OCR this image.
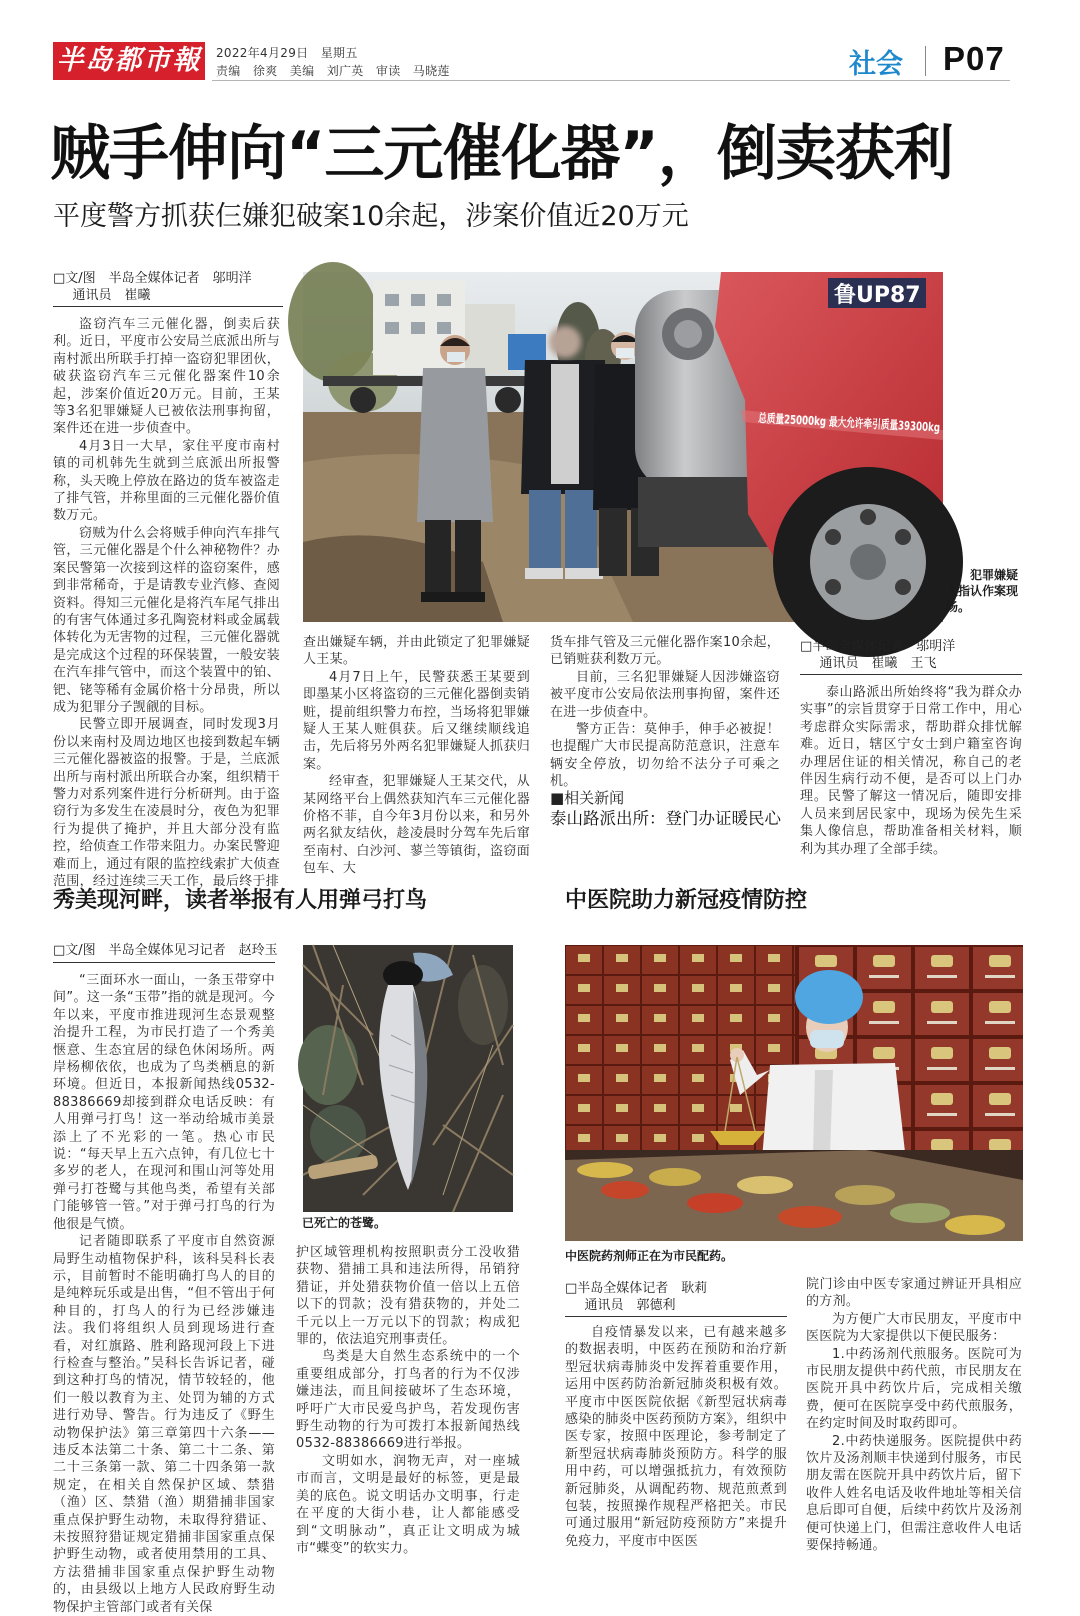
半岛都市報 2022年4月29日　星期五
责编　徐爽　美编　刘广英　审读　马晓莲	社会 P07
贼手伸向“三元催化器”，倒卖获利
平度警方抓获仨嫌犯破案10余起，涉案价值近20万元
□文/图　半岛全媒体记者　邬明洋
通讯员　崔曦

盗窃汽车三元催化器，倒卖后获利。近日，平度市公安局兰底派出所与南村派出所联手打掉一盗窃犯罪团伙，破获盗窃汽车三元催化器案件10余起，涉案价值近20万元。目前，王某等3名犯罪嫌疑人已被依法刑事拘留，案件还在进一步侦查中。

4月3日一大早，家住平度市南村镇的司机韩先生就到兰底派出所报警称，头天晚上停放在路边的货车被盗走了排气管，并称里面的三元催化器价值数万元。

窃贼为什么会将贼手伸向汽车排气管，三元催化器是个什么神秘物件？办案民警第一次接到这样的盗窃案件，感到非常稀奇，于是请教专业汽修、查阅资料。得知三元催化是将汽车尾气排出的有害气体通过多孔陶瓷材料或金属载体转化为无害物的过程，三元催化器就是完成这个过程的环保装置，一般安装在汽车排气管中，而这个装置中的铂、钯、铑等稀有金属价格十分昂贵，所以成为犯罪分子觊觎的目标。

民警立即开展调查，同时发现3月份以来南村及周边地区也接到数起车辆三元催化器被盗的报警。于是，兰底派出所与南村派出所联合办案，组织精干警力对系列案件进行分析研判。由于盗窃行为多发生在凌晨时分，夜色为犯罪行为提供了掩护，并且大部分没有监控，给侦查工作带来阻力。办案民警迎难而上，通过有限的监控线索扩大侦查范围，经过连续三天工作，最后终于排

鲁UP87
总质量25000kg 最大允许牵引质量39300kg
犯罪嫌疑人指认作案现场。

查出嫌疑车辆，并由此锁定了犯罪嫌疑人王某。

4月7日上午，民警获悉王某要到即墨某小区将盗窃的三元催化器倒卖销赃，提前组织警力布控，当场将犯罪嫌疑人王某人赃俱获。后又继续顺线追击，先后将另外两名犯罪嫌疑人抓获归案。

经审查，犯罪嫌疑人王某交代，从某网络平台上偶然获知汽车三元催化器价格不菲，自今年3月份以来，和另外两名狱友结伙，趁凌晨时分驾车先后窜至南村、白沙河、蓼兰等镇街，盗窃面包车、大

货车排气管及三元催化器作案10余起，已销赃获利数万元。

目前，三名犯罪嫌疑人因涉嫌盗窃被平度市公安局依法刑事拘留，案件还在进一步侦查中。

警方正告：莫伸手，伸手必被捉！也提醒广大市民提高防范意识，注意车辆安全停放，切勿给不法分子可乘之机。

■相关新闻
泰山路派出所：登门办证暖民心
□半岛全媒体记者　邬明洋
通讯员　崔曦　王飞

泰山路派出所始终将“我为群众办实事”的宗旨贯穿于日常工作中，用心考虑群众实际需求，帮助群众排忧解难。近日，辖区宁女士到户籍室咨询办理居住证的相关情况，称自己的老伴因生病行动不便，是否可以上门办理。民警了解这一情况后，随即安排人员来到居民家中，现场为侯先生采集人像信息，帮助准备相关材料，顺利为其办理了全部手续。

秀美现河畔，读者举报有人用弹弓打鸟
□文/图　半岛全媒体见习记者　赵玲玉

“三面环水一面山，一条玉带穿中间”。这一条“玉带”指的就是现河。今年以来，平度市推进现河生态景观整治提升工程，为市民打造了一个秀美惬意、生态宜居的绿色休闲场所。两岸杨柳依依，也成为了鸟类栖息的新环境。但近日，本报新闻热线0532-88386669却接到群众电话反映：有人用弹弓打鸟！这一举动给城市美景添上了不光彩的一笔。热心市民说：“每天早上五六点钟，有几位七十多岁的老人，在现河和围山河等处用弹弓打苍鹭与其他鸟类，希望有关部门能够管一管。”对于弹弓打鸟的行为他很是气愤。

记者随即联系了平度市自然资源局野生动植物保护科，该科吴科长表示，目前暂时不能明确打鸟人的目的是纯粹玩乐或是出售，“但不管出于何种目的，打鸟人的行为已经涉嫌违法。我们将组织人员到现场进行查看，对红旗路、胜利路现河段上下进行检查与整治。”吴科长告诉记者，碰到这种打鸟的情况，情节较轻的，他们一般以教育为主、处罚为辅的方式进行劝导、警告。行为违反了《野生动物保护法》第三章第四十六条——违反本法第二十条、第二十二条、第二十三条第一款、第二十四条第一款规定，在相关自然保护区域、禁猎（渔）区、禁猎（渔）期猎捕非国家重点保护野生动物，未取得狩猎证、未按照狩猎证规定猎捕非国家重点保护野生动物，或者使用禁用的工具、方法猎捕非国家重点保护野生动物的，由县级以上地方人民政府野生动物保护主管部门或者有关保

已死亡的苍鹭。

护区域管理机构按照职责分工没收猎获物、猎捕工具和违法所得，吊销狩猎证，并处猎获物价值一倍以上五倍以下的罚款；没有猎获物的，并处二千元以上一万元以下的罚款；构成犯罪的，依法追究刑事责任。

鸟类是大自然生态系统中的一个重要组成部分，打鸟者的行为不仅涉嫌违法，而且间接破坏了生态环境，呼吁广大市民爱鸟护鸟，若发现伤害野生动物的行为可拨打本报新闻热线0532-88386669进行举报。

文明如水，润物无声，对一座城市而言，文明是最好的标签，更是最美的底色。说文明话办文明事，行走在平度的大街小巷，让人都能感受到“文明脉动”，真正让文明成为城市“蝶变”的软实力。

中医院助力新冠疫情防控
中医院药剂师正在为市民配药。
□半岛全媒体记者　耿莉
通讯员　郭德利

自疫情暴发以来，已有越来越多的数据表明，中医药在预防和治疗新型冠状病毒肺炎中发挥着重要作用，运用中医药防治新冠肺炎积极有效。平度市中医医院依据《新型冠状病毒感染的肺炎中医药预防方案》，组织中医专家，按照中医理论，参考制定了新型冠状病毒肺炎预防方。科学的服用中药，可以增强抵抗力，有效预防新冠肺炎，从调配药物、规范煎煮到包装，按照操作规程严格把关。市民可通过服用“新冠防疫预防方”来提升免疫力，平度市中医医

院门诊由中医专家通过辨证开具相应的方剂。

为方便广大市民朋友，平度市中医医院为大家提供以下便民服务：

1.中药汤剂代煎服务。医院可为市民朋友提供中药代煎，市民朋友在医院开具中药饮片后，完成相关缴费，便可在医院享受中药代煎服务，在约定时间及时取药即可。

2.中药快递服务。医院提供中药饮片及汤剂顺丰快递到付服务，市民朋友需在医院开具中药饮片后，留下收件人姓名电话及收件地址等相关信息后即可自便，后续中药饮片及汤剂便可快递上门，但需注意收件人电话要保持畅通。
